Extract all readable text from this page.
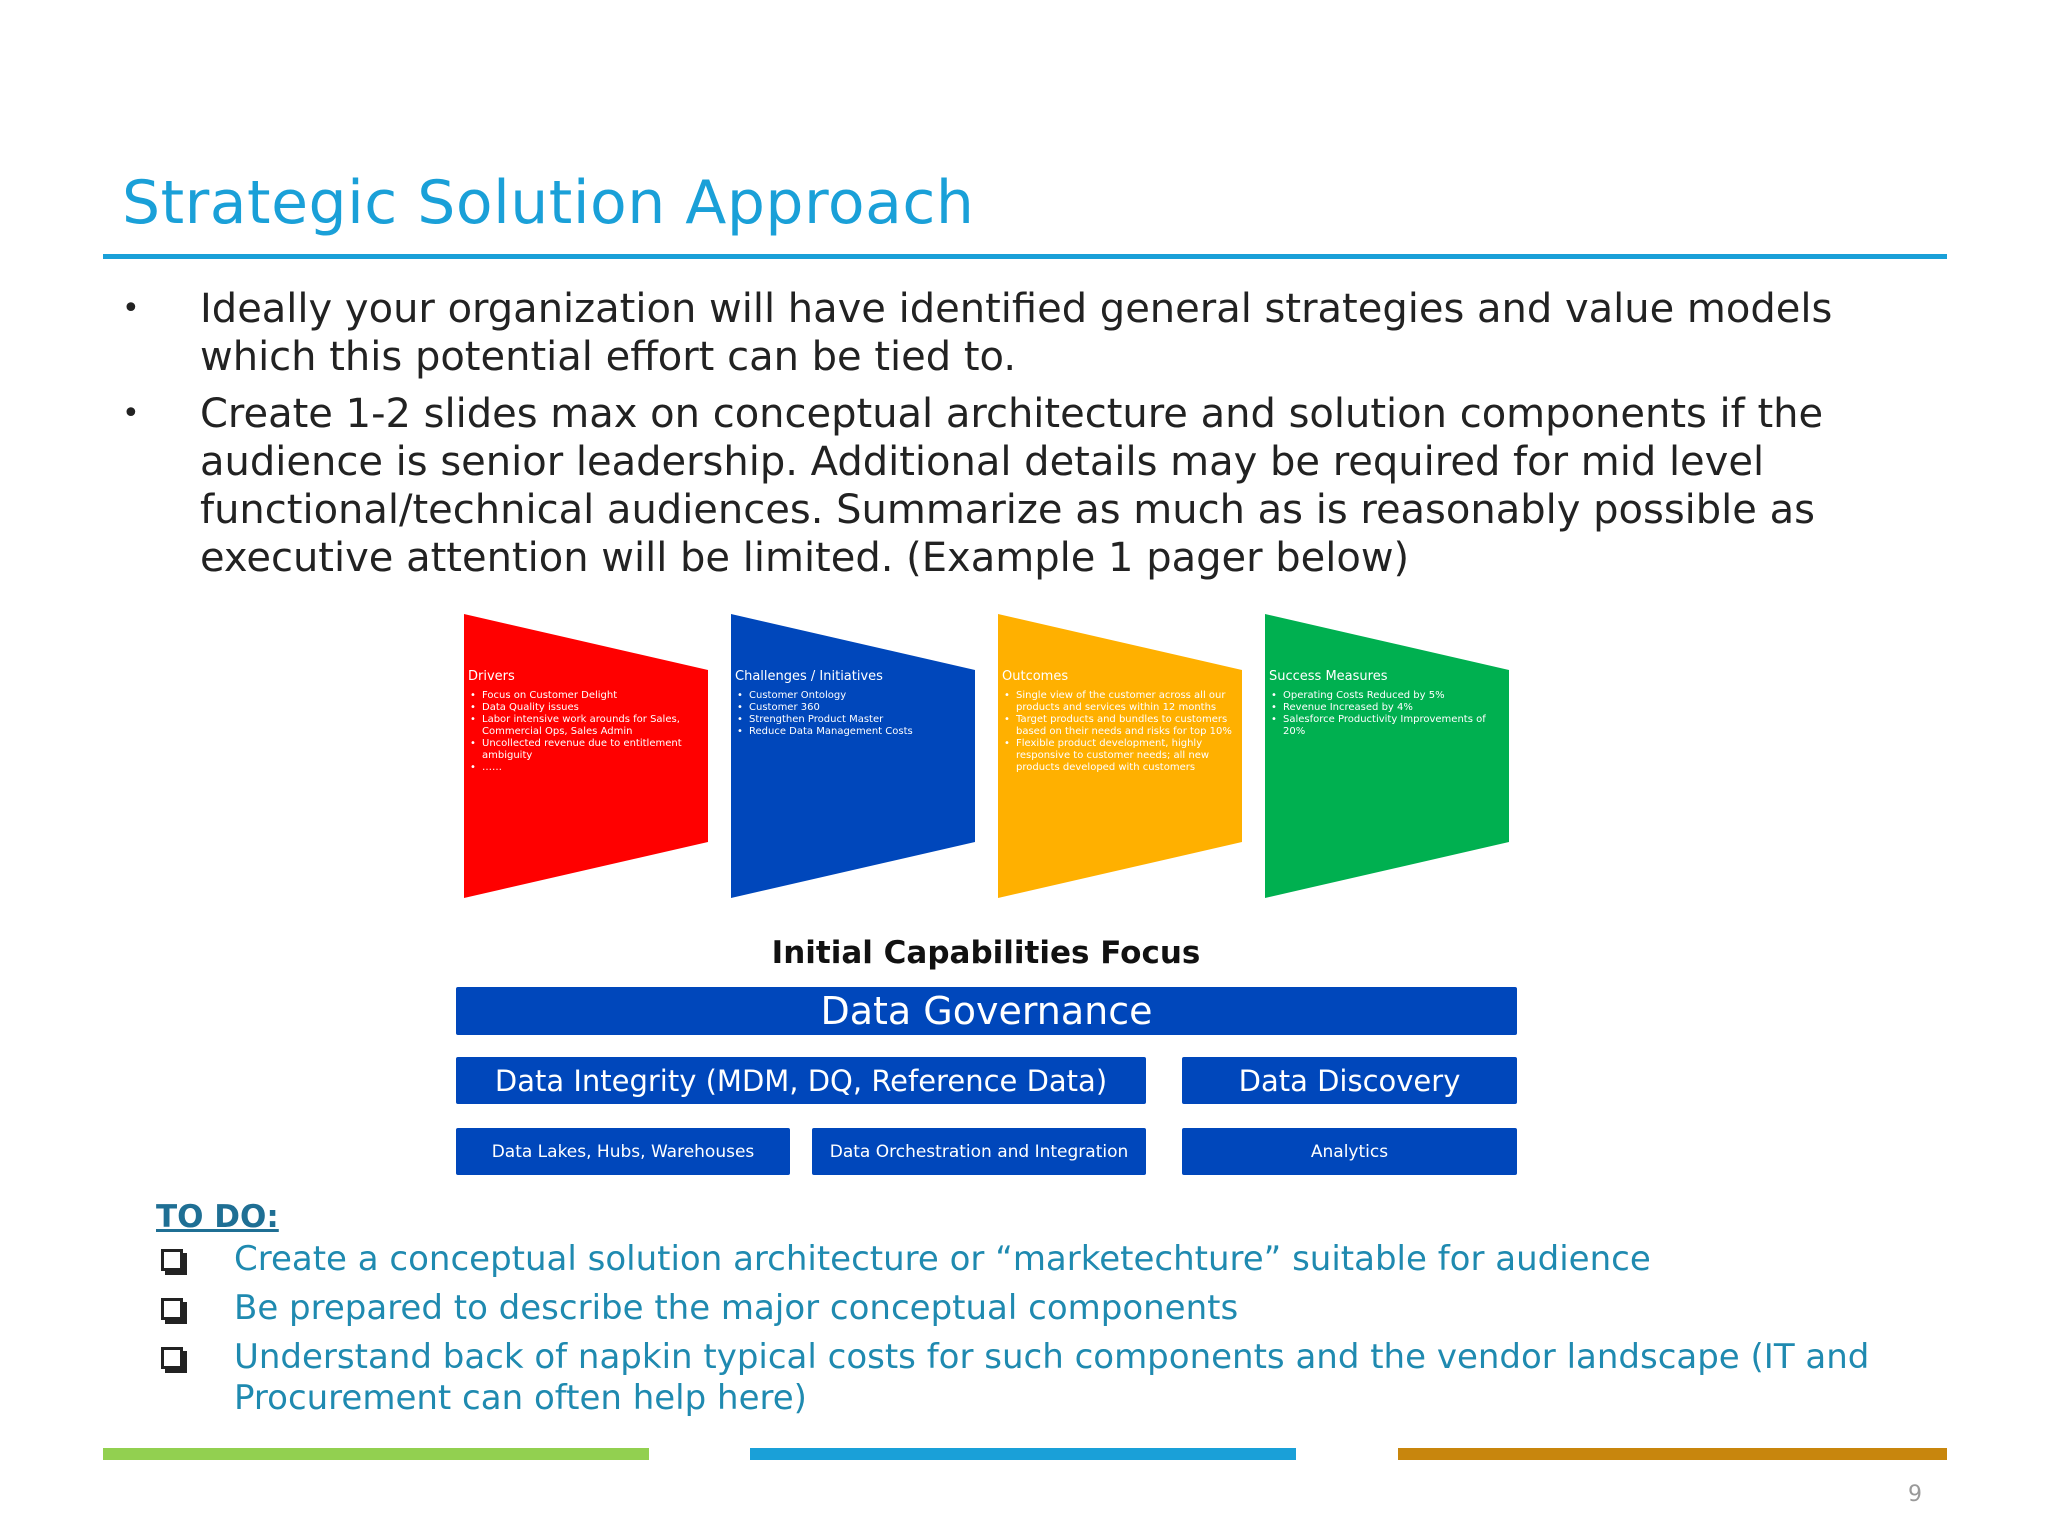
Strategic Solution Approach
• Ideally your organization will have identified general strategies and value models which this potential effort can be tied to.
• Create 1-2 slides max on conceptual architecture and solution components if the audience is senior leadership. Additional details may be required for mid level functional/technical audiences. Summarize as much as is reasonably possible as executive attention will be limited. (Example 1 pager below)
Drivers
• Focus on Customer Delight
• Data Quality issues
• Labor intensive work arounds for Sales, Commercial Ops, Sales Admin
• Uncollected revenue due to entitlement ambiguity
• ……
Challenges / Initiatives
• Customer Ontology
• Customer 360
• Strengthen Product Master
• Reduce Data Management Costs
Outcomes
• Single view of the customer across all our products and services within 12 months
• Target products and bundles to customers based on their needs and risks for top 10%
• Flexible product development, highly responsive to customer needs; all new products developed with customers
Success Measures
• Operating Costs Reduced by 5%
• Revenue Increased by 4%
• Salesforce Productivity Improvements of 20%
Initial Capabilities Focus
Data Governance
Data Integrity (MDM, DQ, Reference Data)	Data Discovery
Data Lakes, Hubs, Warehouses	Data Orchestration and Integration	Analytics
TO DO:
Create a conceptual solution architecture or “marketechture” suitable for audience
Be prepared to describe the major conceptual components
Understand back of napkin typical costs for such components and the vendor landscape (IT and Procurement can often help here)
9
